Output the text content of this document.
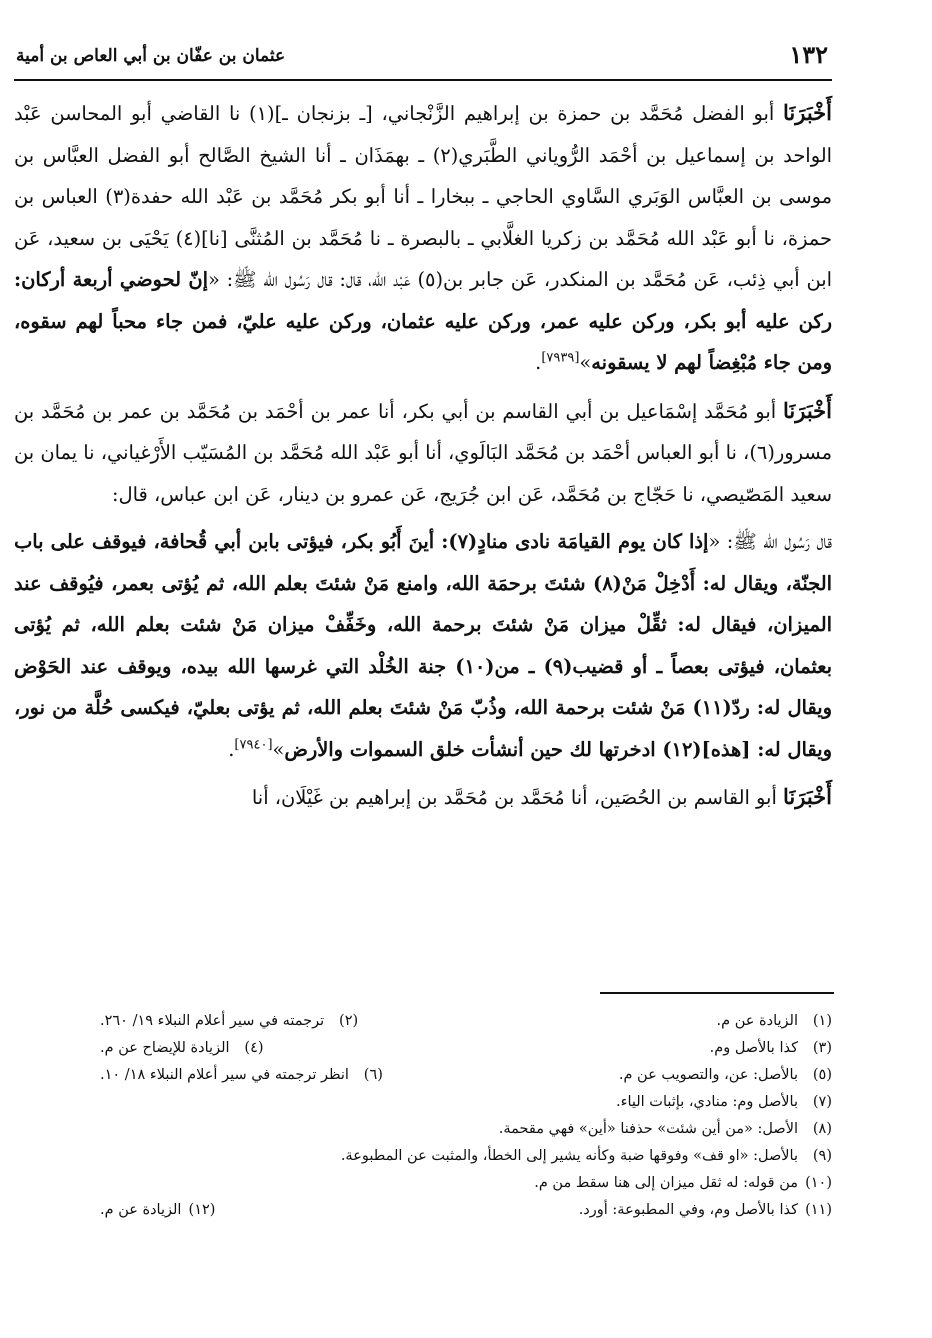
١٣٢
عثمان بن عفّان بن أبي العاص بن أمية

أَخْبَرَنَا أبو الفضل مُحَمَّد بن حمزة بن إبراهيم الزَّنْجاني، [ـ بزنجان ـ](١) نا القاضي أبو المحاسن عَبْد الواحد بن إسماعيل بن أحْمَد الرُّوياني الطَّبَري(٢) ـ بهمَذَان ـ أنا الشيخ الصَّالح أبو الفضل العبَّاس بن موسى بن العبَّاس الوَبَري السَّاوي الحاجي ـ ببخارا ـ أنا أبو بكر مُحَمَّد بن عَبْد الله حفدة(٣) العباس بن حمزة، نا أبو عَبْد الله مُحَمَّد بن زكريا الغلَّابي ـ بالبصرة ـ نا مُحَمَّد بن المُثنَّى [نا](٤) يَحْيَى بن سعيد، عَن ابن أبي ذِئب، عَن مُحَمَّد بن المنكدر، عَن جابر بن(٥) عَبْد الله، قال: قال رَسُول الله ﷺ: «إنّ لحوضي أربعة أركان: ركن عليه أبو بكر، وركن عليه عمر، وركن عليه عثمان، وركن عليه عليّ، فمن جاء محباً لهم سقوه، ومن جاء مُبْغِضاً لهم لا يسقونه»[٧٩٣٩].

أَخْبَرَنَا أبو مُحَمَّد إسْمَاعيل بن أبي القاسم بن أبي بكر، أنا عمر بن أحْمَد بن مُحَمَّد بن عمر بن مُحَمَّد بن مسرور(٦)، نا أبو العباس أحْمَد بن مُحَمَّد البَالَوي، أنا أبو عَبْد الله مُحَمَّد بن المُسَيّب الأَرْغياني، نا يمان بن سعيد المَصّيصي، نا حَجّاج بن مُحَمَّد، عَن ابن جُرَيج، عَن عمرو بن دينار، عَن ابن عباس، قال:

قال رَسُول الله ﷺ: «إذا كان يوم القيامَة نادى منادٍ(٧): أينَ أَبُو بكر، فيؤتى بابن أبي قُحافة، فيوقف على باب الجنّة، ويقال له: أَدْخِلْ مَنْ(٨) شئتَ برحمَة الله، وامنع مَنْ شئتَ بعلم الله، ثم يُؤتى بعمر، فيُوقف عند الميزان، فيقال له: ثقِّلْ ميزان مَنْ شئتَ برحمة الله، وخَفِّفْ ميزان مَنْ شئت بعلم الله، ثم يُؤتى بعثمان، فيؤتى بعصاً ـ أو قضيب(٩) ـ من(١٠) جنة الخُلْد التي غرسها الله بيده، ويوقف عند الحَوْض ويقال له: ردّ(١١) مَنْ شئت برحمة الله، وذُبّ مَنْ شئتَ بعلم الله، ثم يؤتى بعليّ، فيكسى حُلَّة من نور، ويقال له: [هذه](١٢) ادخرتها لك حين أنشأت خلق السموات والأرض»[٧٩٤٠].

أَخْبَرَنَا أبو القاسم بن الحُصَين، أنا مُحَمَّد بن مُحَمَّد بن إبراهيم بن غَيْلَان، أنا

(١)الزيادة عن م.
(٢)ترجمته في سير أعلام النبلاء ١٩/ ٢٦٠.
(٣)كذا بالأصل وم.
(٤)الزيادة للإيضاح عن م.
(٥)بالأصل: عن، والتصويب عن م.
(٦)انظر ترجمته في سير أعلام النبلاء ١٨/ ١٠.
(٧)بالأصل وم: منادي، بإثبات الياء.
(٨)الأصل: «من أين شئت» حذفنا «أين» فهي مقحمة.
(٩)بالأصل: «او قف» وفوقها ضبة وكأنه يشير إلى الخطأ، والمثبت عن المطبوعة.
(١٠)من قوله: له ثقل ميزان إلى هنا سقط من م.
(١١)كذا بالأصل وم، وفي المطبوعة: أورد.
(١٢)الزيادة عن م.
